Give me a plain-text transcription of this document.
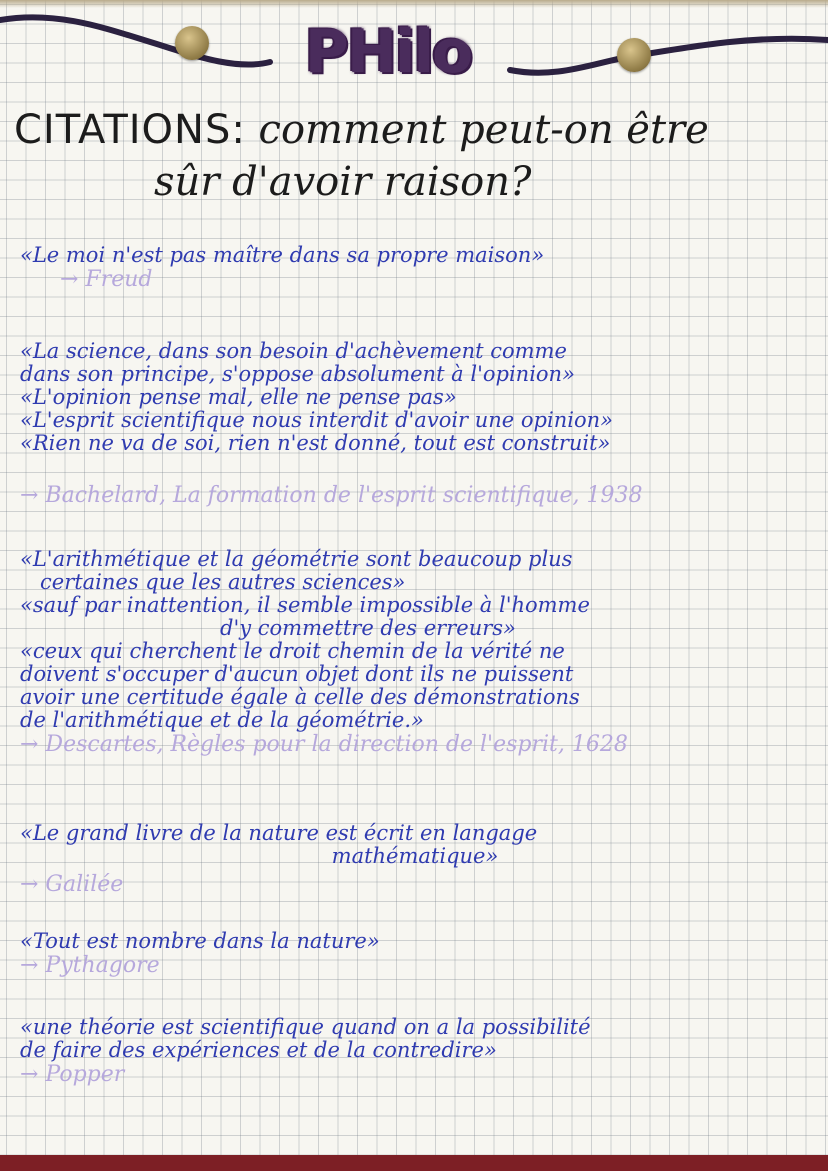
PHilo
CITATIONS: comment peut-on être
sûr d'avoir raison?

«Le moi n'est pas maître dans sa propre maison»

→ Freud

«La science, dans son besoin d'achèvement comme

dans son principe, s'oppose absolument à l'opinion»

«L'opinion pense mal, elle ne pense pas»

«L'esprit scientifique nous interdit d'avoir une opinion»

«Rien ne va de soi, rien n'est donné, tout est construit»

→ Bachelard, La formation de l'esprit scientifique, 1938

«L'arithmétique et la géométrie sont beaucoup plus

certaines que les autres sciences»

«sauf par inattention, il semble impossible à l'homme

d'y commettre des erreurs»

«ceux qui cherchent le droit chemin de la vérité ne

doivent s'occuper d'aucun objet dont ils ne puissent

avoir une certitude égale à celle des démonstrations

de l'arithmétique et de la géométrie.»

→ Descartes, Règles pour la direction de l'esprit, 1628

«Le grand livre de la nature est écrit en langage

mathématique»

→ Galilée

«Tout est nombre dans la nature»

→ Pythagore

«une théorie est scientifique quand on a la possibilité

de faire des expériences et de la contredire»

→ Popper
